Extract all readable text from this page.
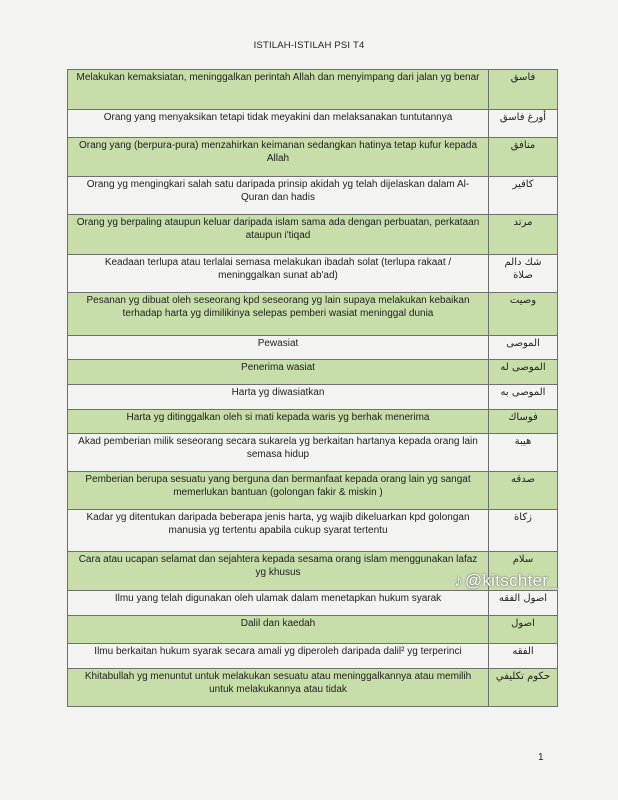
ISTILAH-ISTILAH PSI T4
Melakukan kemaksiatan, meninggalkan perintah Allah dan menyimpang dari jalan yg benar	فاسق
Orang yang menyaksikan tetapi tidak meyakini dan melaksanakan tuntutannya	أورغ فاسق
Orang yang (berpura-pura) menzahirkan keimanan sedangkan hatinya tetap kufur kepada Allah	منافق
Orang yg mengingkari salah satu daripada prinsip akidah yg telah dijelaskan dalam Al-Quran dan hadis	كافير
Orang yg berpaling ataupun keluar daripada islam sama ada dengan perbuatan, perkataan ataupun i'tiqad	مرتد
Keadaan terlupa atau terlalai semasa melakukan ibadah solat (terlupa rakaat / meninggalkan sunat ab'ad)	شك دالم صلاة
Pesanan yg dibuat oleh seseorang kpd seseorang yg lain supaya melakukan kebaikan terhadap harta yg dimilikinya selepas pemberi wasiat meninggal dunia	وصيت
Pewasiat	الموصى
Penerima wasiat	الموصى له
Harta yg diwasiatkan	الموصى به
Harta yg ditinggalkan oleh si mati kepada waris yg berhak menerima	فوساك
Akad pemberian milik seseorang secara sukarela yg berkaitan hartanya kepada orang lain semasa hidup	هيبة
Pemberian berupa sesuatu yang berguna dan bermanfaat kepada orang lain yg sangat memerlukan bantuan (golongan fakir & miskin )	صدقه
Kadar yg ditentukan daripada beberapa jenis harta, yg wajib dikeluarkan kpd golongan manusia yg tertentu apabila cukup syarat tertentu	زكاة
Cara atau ucapan selamat dan sejahtera kepada sesama orang islam menggunakan lafaz yg khusus	سلام
Ilmu yang telah digunakan oleh ulamak dalam menetapkan hukum syarak	اصول الفقه
Dalil dan kaedah	اصول
Ilmu berkaitan hukum syarak secara amali yg diperoleh daripada dalil² yg terperinci	الفقه
Khitabullah yg menuntut untuk melakukan sesuatu atau meninggalkannya atau memilih untuk melakukannya atau tidak	حكوم تكليفي
♪ @kitschter_
1
